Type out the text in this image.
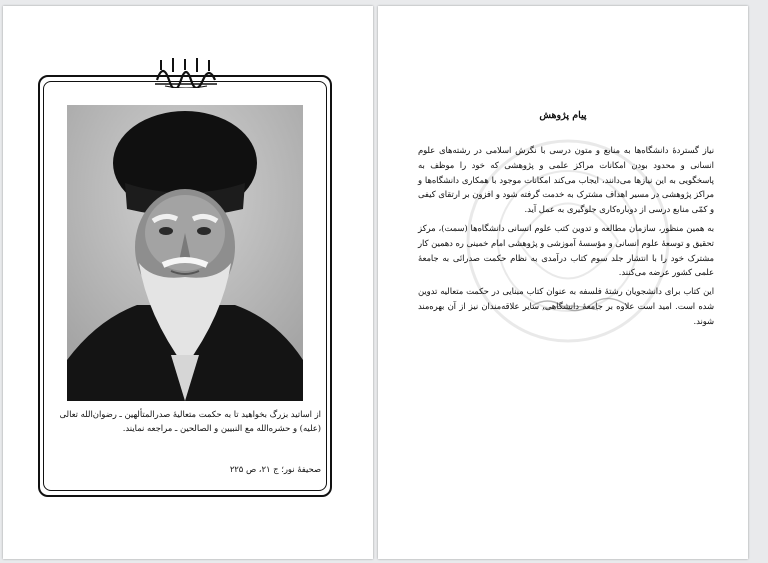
از اساتید بزرگ بخواهید تا به حکمت متعالیهٔ صدرالمتألهین ـ رضوان‌الله تعالی (علیه) و حشره‌الله مع النبیین و الصالحین ـ مراجعه نمایند.
صحیفهٔ نور؛ ج ۲۱، ص ۲۲۵
پیام پژوهش

نیاز گستردهٔ دانشگاه‌ها به منابع و متون درسی با نگرش اسلامی در رشته‌های علوم انسانی و محدود بودن امکانات مراکز علمی و پژوهشی که خود را موظف به پاسخگویی به این نیازها می‌دانند، ایجاب می‌کند امکانات موجود با همکاری دانشگاه‌ها و مراکز پژوهشی در مسیر اهداف مشترک به خدمت گرفته شود و افزون بر ارتقای کیفی و کمّی منابع درسی از دوباره‌کاری جلوگیری به عمل آید.

به همین منظور، سازمان مطالعه و تدوین کتب علوم انسانی دانشگاه‌ها (سمت)، مرکز تحقیق و توسعهٔ علوم انسانی و مؤسسهٔ آموزشی و پژوهشی امام خمینی ره دهمین کار مشترک خود را با انتشار جلد سوم کتاب درآمدی به نظام حکمت صدرائی به جامعهٔ علمی کشور عرضه می‌کنند.

این کتاب برای دانشجویان رشتهٔ فلسفه به عنوان کتاب مبنایی در حکمت متعالیه تدوین شده است. امید است علاوه بر جامعهٔ دانشگاهی، سایر علاقه‌مندان نیز از آن بهره‌مند شوند.
